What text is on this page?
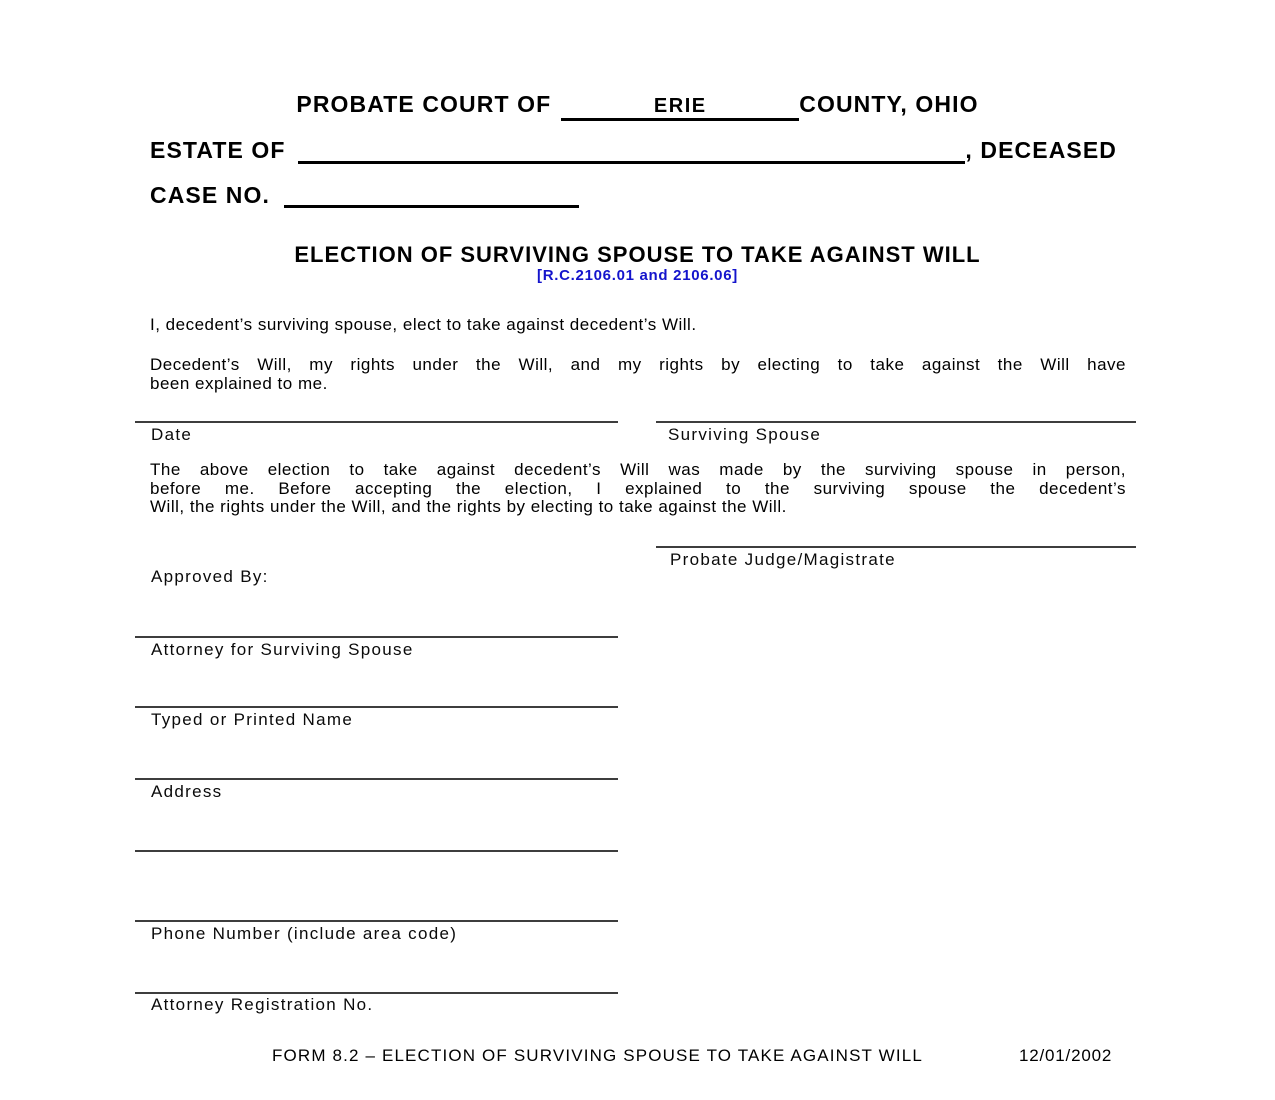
PROBATE COURT OF	ERIE	COUNTY, OHIO
ESTATE OF	, DECEASED
CASE NO.
ELECTION OF SURVIVING SPOUSE TO TAKE AGAINST WILL
[R.C.2106.01 and 2106.06]
I, decedent’s surviving spouse, elect to take against decedent’s Will.
Decedent’s Will, my rights under the Will, and my rights by electing to take against the Will have
been explained to me.
Date	Surviving Spouse
The above election to take against decedent’s Will was made by the surviving spouse in person,
before me. Before accepting the election, I explained to the surviving spouse the decedent’s
Will, the rights under the Will, and the rights by electing to take against the Will.
Probate Judge/Magistrate
Approved By:
Attorney for Surviving Spouse
Typed or Printed Name
Address
Phone Number (include area code)
Attorney Registration No.
FORM 8.2 – ELECTION OF SURVIVING SPOUSE TO TAKE AGAINST WILL	12/01/2002
